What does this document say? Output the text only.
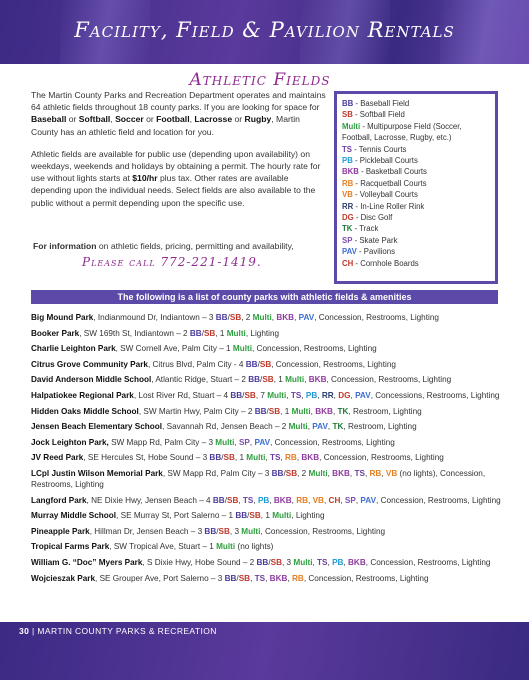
Facility, Field & Pavilion Rentals
Athletic Fields

The Martin County Parks and Recreation Department operates and maintains 64 athletic fields throughout 18 county parks. If you are looking for space for Baseball or Softball, Soccer or Football, Lacrosse or Rugby, Martin County has an athletic field and location for you.

Athletic fields are available for public use (depending upon availability) on weekdays, weekends and holidays by obtaining a permit. The hourly rate for use without lights starts at $10/hr plus tax. Other rates are available depending upon the individual needs. Select fields are also available to the public without a permit depending upon the specific use.

For information on athletic fields, pricing, permitting and availability,
Please call 772-221-1419.
BB - Baseball Field
SB - Softball Field
Multi - Multipurpose Field (Soccer, Football, Lacrosse, Rugby, etc.)
TS - Tennis Courts
PB - Pickleball Courts
BKB - Basketball Courts
RB - Racquetball Courts
VB - Volleyball Courts
RR - In-Line Roller Rink
DG - Disc Golf
TK - Track
SP - Skate Park
PAV - Pavilions
CH - Cornhole Boards
The following is a list of county parks with athletic fields & amenities
Big Mound Park, Indianmound Dr, Indiantown – 3 BB/SB, 2 Multi, BKB, PAV, Concession, Restrooms, Lighting
Booker Park, SW 169th St, Indiantown – 2 BB/SB, 1 Multi, Lighting
Charlie Leighton Park, SW Cornell Ave, Palm City – 1 Multi, Concession, Restrooms, Lighting
Citrus Grove Community Park, Citrus Blvd, Palm City - 4 BB/SB, Concession, Restrooms, Lighting
David Anderson Middle School, Atlantic Ridge, Stuart – 2 BB/SB, 1 Multi, BKB, Concession, Restrooms, Lighting
Halpatiokee Regional Park, Lost River Rd, Stuart – 4 BB/SB, 7 Multi, TS, PB, RR, DG, PAV, Concessions, Restrooms, Lighting
Hidden Oaks Middle School, SW Martin Hwy, Palm City – 2 BB/SB, 1 Multi, BKB, TK, Restroom, Lighting
Jensen Beach Elementary School, Savannah Rd, Jensen Beach – 2 Multi, PAV, TK, Restroom, Lighting
Jock Leighton Park, SW Mapp Rd, Palm City – 3 Multi, SP, PAV, Concession, Restrooms, Lighting
JV Reed Park, SE Hercules St, Hobe Sound – 3 BB/SB, 1 Multi, TS, RB, BKB, Concession, Restrooms, Lighting
LCpl Justin Wilson Memorial Park, SW Mapp Rd, Palm City – 3 BB/SB, 2 Multi, BKB, TS, RB, VB (no lights), Concession, Restrooms, Lighting
Langford Park, NE Dixie Hwy, Jensen Beach – 4 BB/SB, TS, PB, BKB, RB, VB, CH, SP, PAV, Concession, Restrooms, Lighting
Murray Middle School, SE Murray St, Port Salerno – 1 BB/SB, 1 Multi, Lighting
Pineapple Park, Hillman Dr, Jensen Beach – 3 BB/SB, 3 Multi, Concession, Restrooms, Lighting
Tropical Farms Park, SW Tropical Ave, Stuart – 1 Multi (no lights)
William G. “Doc” Myers Park, S Dixie Hwy, Hobe Sound – 2 BB/SB, 3 Multi, TS, PB, BKB, Concession, Restrooms, Lighting
Wojcieszak Park, SE Grouper Ave, Port Salerno – 3 BB/SB, TS, BKB, RB, Concession, Restrooms, Lighting
30 | MARTIN COUNTY PARKS & RECREATION
